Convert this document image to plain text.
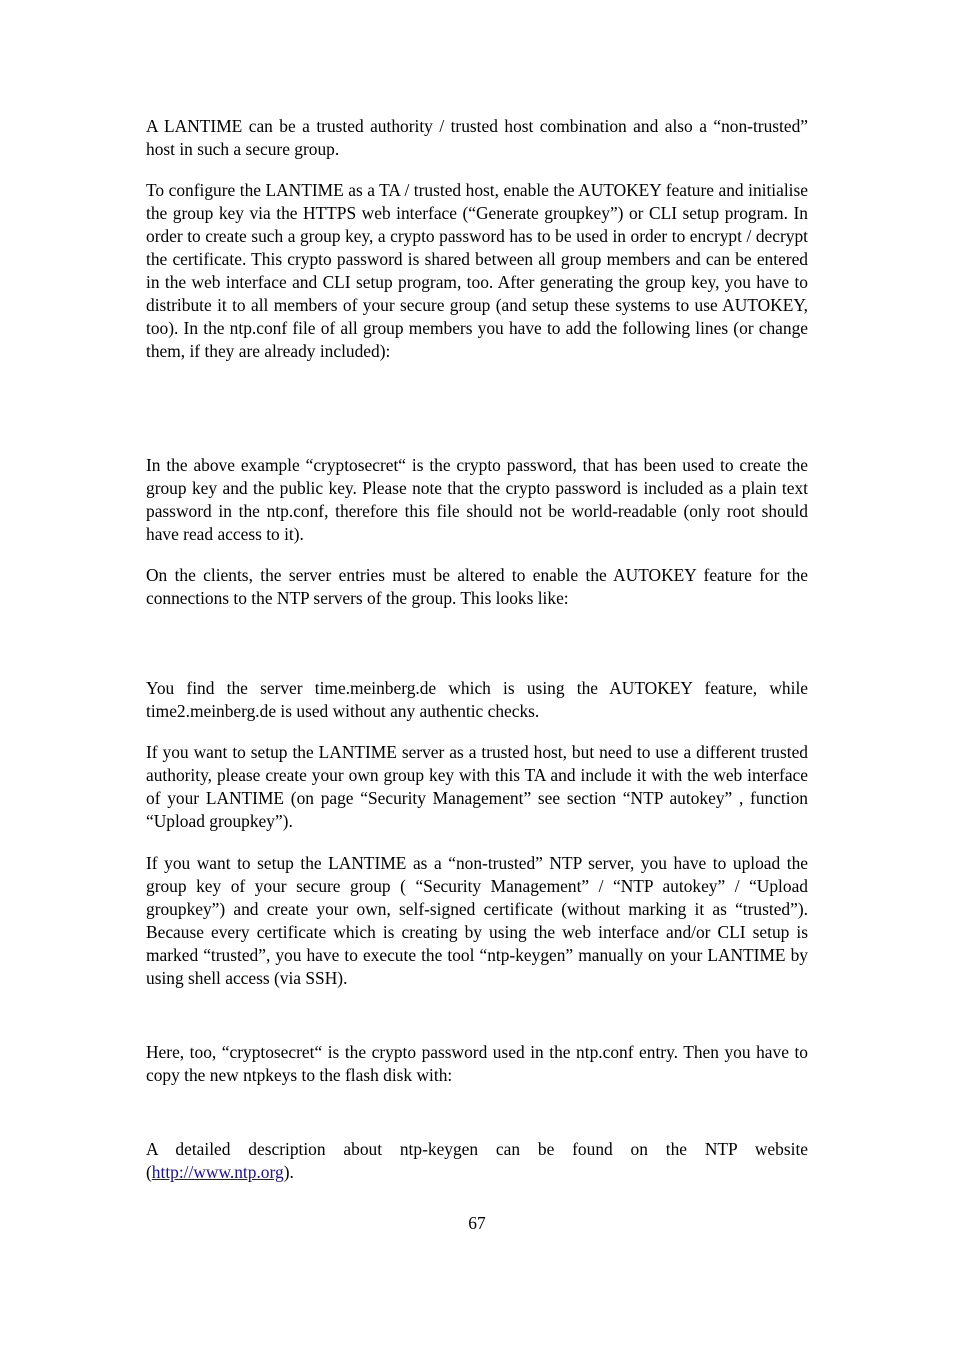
A LANTIME can be a trusted authority / trusted host combination and also a “non-trusted” host in such a secure group.

To configure the LANTIME as a TA / trusted host, enable the AUTOKEY feature and initialise the group key via the HTTPS web interface (“Generate groupkey”) or CLI setup program. In order to create such a group key, a crypto password has to be used in order to encrypt / decrypt the certificate. This crypto password is shared between all group members and can be entered in the web interface and CLI setup program, too. After generating the group key, you have to distribute it to all members of your secure group (and setup these systems to use AUTOKEY, too). In the ntp.conf file of all group members you have to add the following lines (or change them, if they are already included):

In the above example “cryptosecret“ is the crypto password, that has been used to create the group key and the public key. Please note that the crypto password is included as a plain text password in the ntp.conf, therefore this file should not be world-readable (only root should have read access to it).

On the clients, the server entries must be altered to enable the AUTOKEY feature for the connections to the NTP servers of the group. This looks like:

You find the server time.meinberg.de which is using the AUTOKEY feature, while time2.meinberg.de is used without any authentic checks.

If you want to setup the LANTIME server as a trusted host, but need to use a different trusted authority, please create your own group key with this TA and include it with the web interface of your LANTIME (on page “Security Management” see section “NTP autokey” , function “Upload groupkey”).

If you want to setup the LANTIME as a “non-trusted” NTP server, you have to upload the group key of your secure group ( “Security Management” / “NTP autokey” / “Upload groupkey”) and create your own, self-signed certificate (without marking it as “trusted”). Because every certificate which is creating by using the web interface and/or CLI setup is marked “trusted”, you have to execute the tool “ntp-keygen” manually on your LANTIME by using shell access (via SSH).

Here, too, “cryptosecret“ is the crypto password used in the ntp.conf entry. Then you have to copy the new ntpkeys to the flash disk with:

A detailed description about ntp-keygen can be found on the NTP website (http://www.ntp.org).

67
